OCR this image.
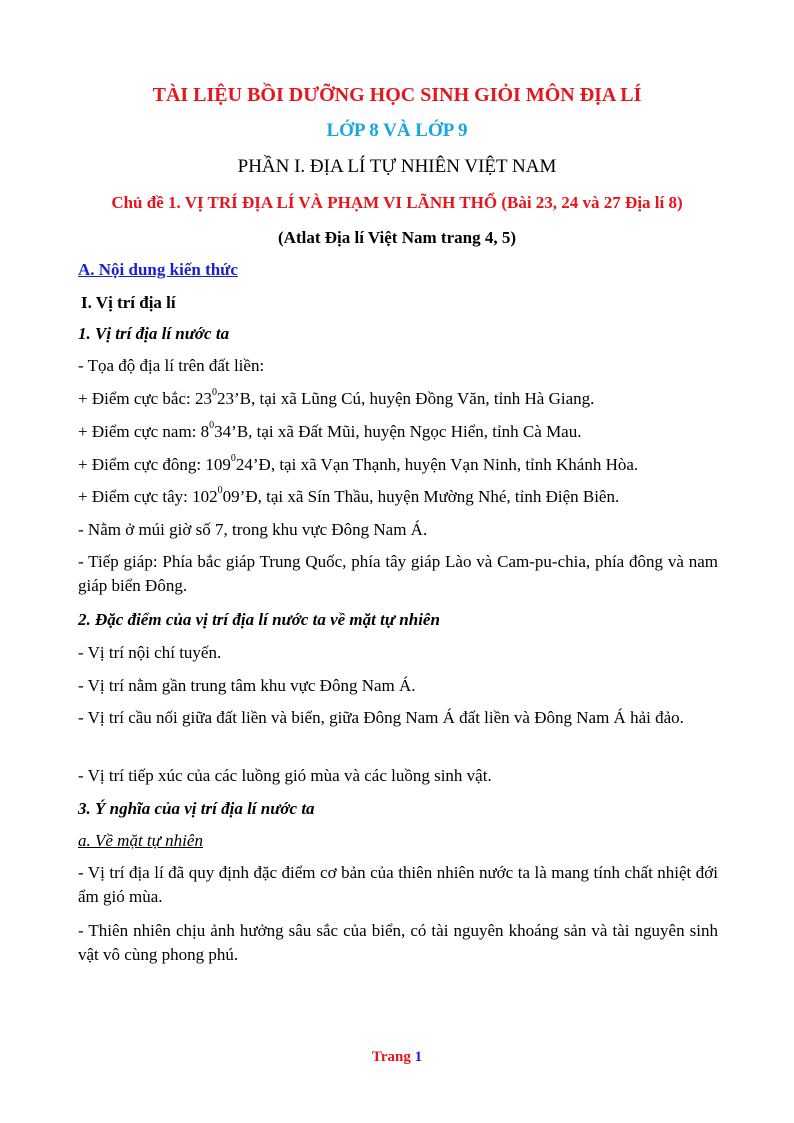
TÀI LIỆU BỒI DƯỠNG HỌC SINH GIỎI MÔN ĐỊA LÍ
LỚP 8 VÀ LỚP 9
PHẦN I. ĐỊA LÍ TỰ NHIÊN VIỆT NAM
Chủ đề 1. VỊ TRÍ ĐỊA LÍ VÀ PHẠM VI LÃNH THỔ (Bài 23, 24 và 27 Địa lí 8)
(Atlat Địa lí Việt Nam trang 4, 5)
A. Nội dung kiến thức
I. Vị trí địa lí
1. Vị trí địa lí nước ta
- Tọa độ địa lí trên đất liền:
+ Điểm cực bắc: $23^023’B$, tại xã Lũng Cú, huyện Đồng Văn, tỉnh Hà Giang.
+ Điểm cực nam: $8^034’B$, tại xã Đất Mũi, huyện Ngọc Hiển, tỉnh Cà Mau.
+ Điểm cực đông: $109^024’Đ$, tại xã Vạn Thạnh, huyện Vạn Ninh, tỉnh Khánh Hòa.
+ Điểm cực tây: $102^009’Đ$, tại xã Sín Thầu, huyện Mường Nhé, tỉnh Điện Biên.
- Nằm ở múi giờ số 7, trong khu vực Đông Nam Á.
- Tiếp giáp: Phía bắc giáp Trung Quốc, phía tây giáp Lào và Cam-pu-chia, phía đông và nam giáp biển Đông.
2. Đặc điểm của vị trí địa lí nước ta về mặt tự nhiên
- Vị trí nội chí tuyến.
- Vị trí nằm gần trung tâm khu vực Đông Nam Á.
- Vị trí cầu nối giữa đất liền và biển, giữa Đông Nam Á đất liền và Đông Nam Á hải đảo.
- Vị trí tiếp xúc của các luồng gió mùa và các luồng sinh vật.
3. Ý nghĩa của vị trí địa lí nước ta
a. Về mặt tự nhiên
- Vị trí địa lí đã quy định đặc điểm cơ bản của thiên nhiên nước ta là mang tính chất nhiệt đới ẩm gió mùa.
- Thiên nhiên chịu ảnh hưởng sâu sắc của biển, có tài nguyên khoáng sản và tài nguyên sinh vật vô cùng phong phú.
Trang 1
